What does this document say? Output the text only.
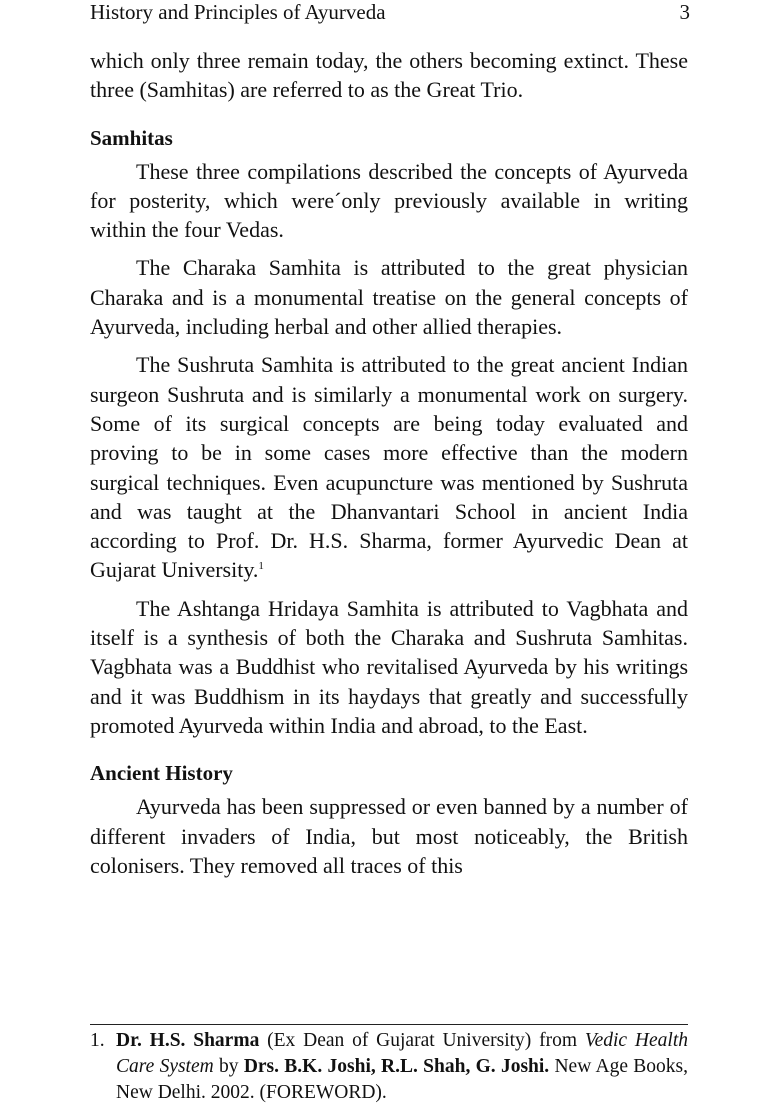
History and Principles of Ayurveda	3

which only three remain today, the others becoming extinct. These three (Samhitas) are referred to as the Great Trio.

Samhitas

These three compilations described the concepts of Ayurveda for posterity, which were´only previously available in writing within the four Vedas.

The Charaka Samhita is attributed to the great physician Charaka and is a monumental treatise on the general concepts of Ayurveda, including herbal and other allied therapies.

The Sushruta Samhita is attributed to the great ancient Indian surgeon Sushruta and is similarly a monumental work on surgery. Some of its surgical concepts are being today evaluated and proving to be in some cases more effective than the modern surgical techniques. Even acupuncture was mentioned by Sushruta and was taught at the Dhanvantari School in ancient India according to Prof. Dr. H.S. Sharma, former Ayurvedic Dean at Gujarat University.$^1$

The Ashtanga Hridaya Samhita is attributed to Vagbhata and itself is a synthesis of both the Charaka and Sushruta Samhitas. Vagbhata was a Buddhist who revitalised Ayurveda by his writings and it was Buddhism in its haydays that greatly and successfully promoted Ayurveda within India and abroad, to the East.

Ancient History

Ayurveda has been suppressed or even banned by a number of different invaders of India, but most noticeably, the British colonisers. They removed all traces of this

1. Dr. H.S. Sharma (Ex Dean of Gujarat University) from Vedic Health Care System by Drs. B.K. Joshi, R.L. Shah, G. Joshi. New Age Books, New Delhi. 2002. (FOREWORD).
